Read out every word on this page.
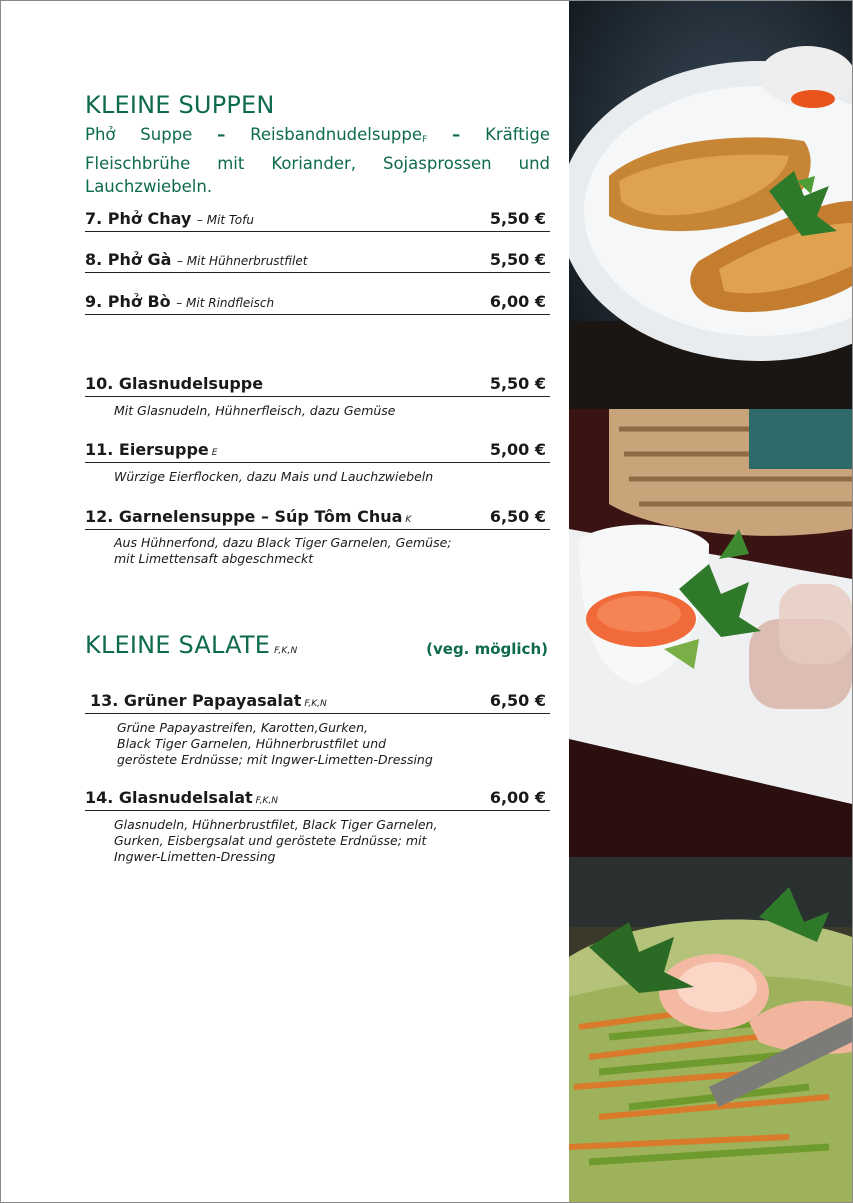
KLEINE SUPPEN
Phở Suppe – Reisbandnudelsuppe$_F$ – Kräftige Fleischbrühe mit Koriander, Sojasprossen und Lauchzwiebeln.
7. Phở Chay – Mit Tofu	5,50 €
8. Phở Gà – Mit Hühnerbrustfilet	5,50 €
9. Phở Bò – Mit Rindfleisch	6,00 €
10. Glasnudelsuppe	5,50 €
Mit Glasnudeln, Hühnerfleisch, dazu Gemüse
11. Eiersuppe E	5,00 €
Würzige Eierflocken, dazu Mais und Lauchzwiebeln
12. Garnelensuppe – Súp Tôm Chua K	6,50 €
Aus Hühnerfond, dazu Black Tiger Garnelen, Gemüse;
mit Limettensaft abgeschmeckt
KLEINE SALATE F,K,N	(veg. möglich)
13. Grüner Papayasalat F,K,N	6,50 €
Grüne Papayastreifen, Karotten,Gurken,
Black Tiger Garnelen, Hühnerbrustfilet und
geröstete Erdnüsse; mit Ingwer-Limetten-Dressing
14. Glasnudelsalat F,K,N	6,00 €
Glasnudeln, Hühnerbrustfilet, Black Tiger Garnelen,
Gurken, Eisbergsalat und geröstete Erdnüsse; mit
Ingwer-Limetten-Dressing
